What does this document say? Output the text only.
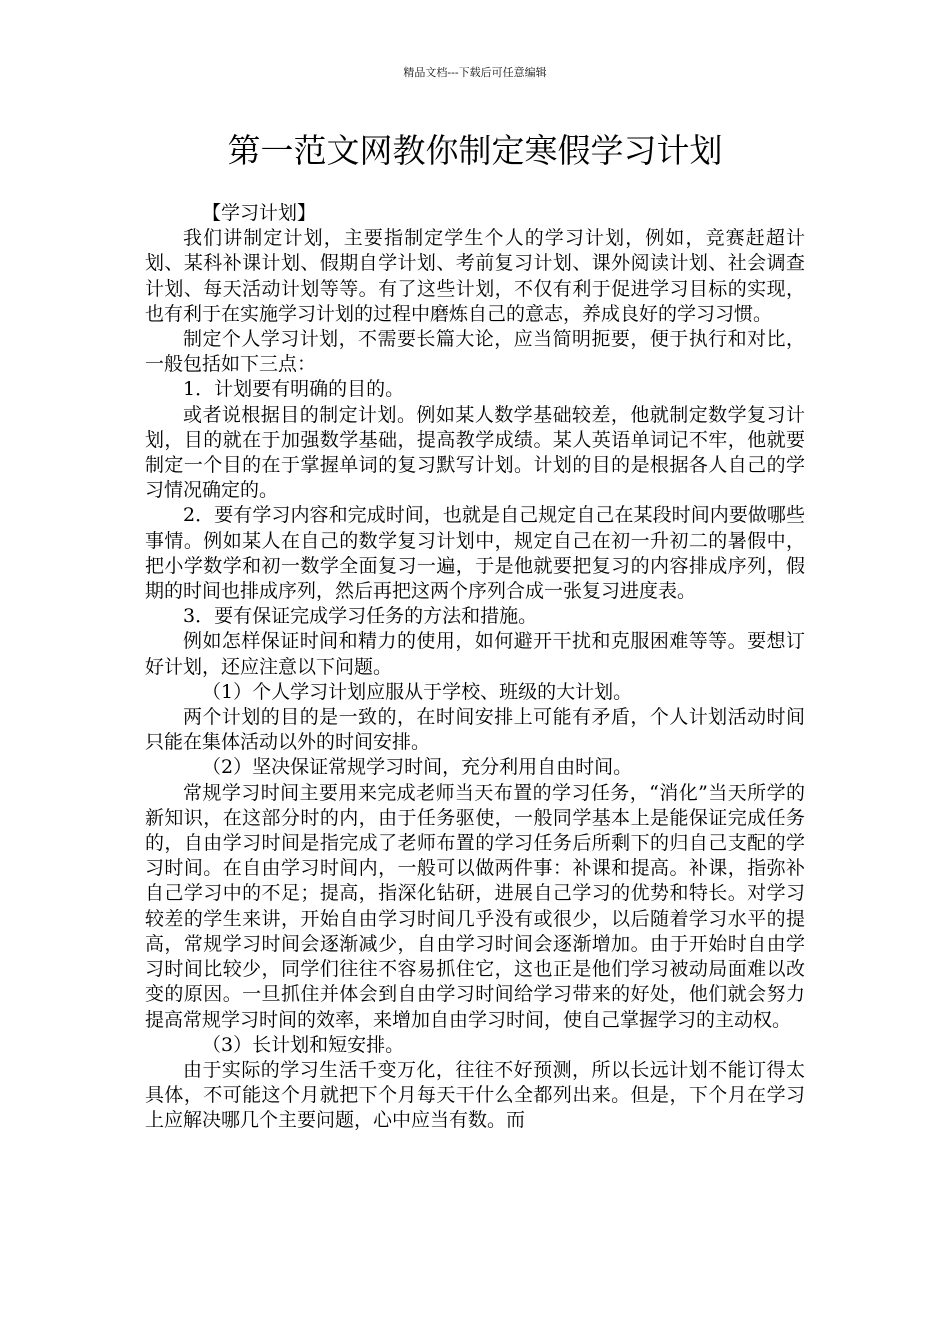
精品文档---下载后可任意编辑
第一范文网教你制定寒假学习计划

【学习计划】

我们讲制定计划，主要指制定学生个人的学习计划，例如，竞赛赶超计划、某科补课计划、假期自学计划、考前复习计划、课外阅读计划、社会调查计划、每天活动计划等等。有了这些计划，不仅有利于促进学习目标的实现，也有利于在实施学习计划的过程中磨炼自己的意志，养成良好的学习习惯。

制定个人学习计划，不需要长篇大论，应当简明扼要，便于执行和对比，一般包括如下三点：

1．计划要有明确的目的。

或者说根据目的制定计划。例如某人数学基础较差，他就制定数学复习计划，目的就在于加强数学基础，提高教学成绩。某人英语单词记不牢，他就要制定一个目的在于掌握单词的复习默写计划。计划的目的是根据各人自己的学习情况确定的。

2．要有学习内容和完成时间，也就是自己规定自己在某段时间内要做哪些事情。例如某人在自己的数学复习计划中，规定自己在初一升初二的暑假中，把小学数学和初一数学全面复习一遍，于是他就要把复习的内容排成序列，假期的时间也排成序列，然后再把这两个序列合成一张复习进度表。

3．要有保证完成学习任务的方法和措施。

例如怎样保证时间和精力的使用，如何避开干扰和克服困难等等。要想订好计划，还应注意以下问题。

（1）个人学习计划应服从于学校、班级的大计划。

两个计划的目的是一致的，在时间安排上可能有矛盾，个人计划活动时间只能在集体活动以外的时间安排。

（2）坚决保证常规学习时间，充分利用自由时间。

常规学习时间主要用来完成老师当天布置的学习任务，“消化”当天所学的新知识，在这部分时的内，由于任务驱使，一般同学基本上是能保证完成任务的，自由学习时间是指完成了老师布置的学习任务后所剩下的归自己支配的学习时间。在自由学习时间内，一般可以做两件事：补课和提高。补课，指弥补自己学习中的不足；提高，指深化钻研，进展自己学习的优势和特长。对学习较差的学生来讲，开始自由学习时间几乎没有或很少，以后随着学习水平的提高，常规学习时间会逐渐减少，自由学习时间会逐渐增加。由于开始时自由学习时间比较少，同学们往往不容易抓住它，这也正是他们学习被动局面难以改变的原因。一旦抓住并体会到自由学习时间给学习带来的好处，他们就会努力提高常规学习时间的效率，来增加自由学习时间，使自己掌握学习的主动权。

（3）长计划和短安排。

由于实际的学习生活千变万化，往往不好预测，所以长远计划不能订得太具体，不可能这个月就把下个月每天干什么全都列出来。但是，下个月在学习上应解决哪几个主要问题，心中应当有数。而
